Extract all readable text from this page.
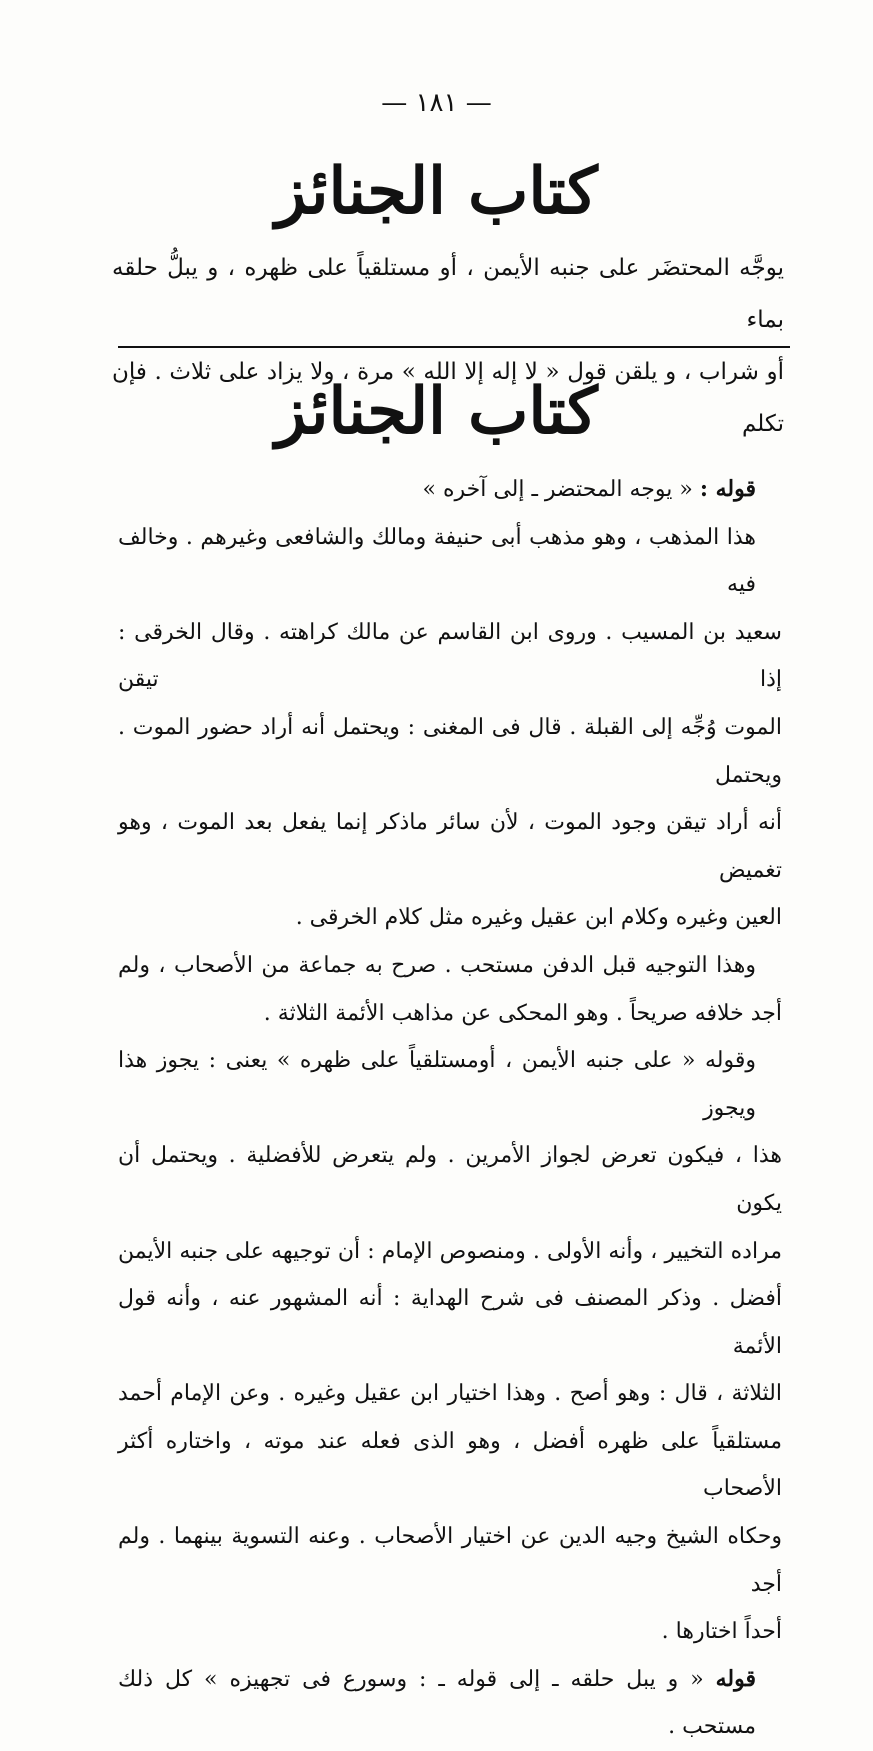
— ١٨١ —
كتاب الجنائز

يوجَّه المحتضَر على جنبه الأيمن ، أو مستلقياً على ظهره ، و يبلُّ حلقه بماء

أو شراب ، و يلقن قول « لا إله إلا الله » مرة ، ولا يزاد على ثلاث . فإن تكلم

كتاب الجنائز

قوله : « يوجه المحتضر ـ إلى آخره »

هذا المذهب ، وهو مذهب أبى حنيفة ومالك والشافعى وغيرهم . وخالف فيه

سعيد بن المسيب . وروى ابن القاسم عن مالك كراهته . وقال الخرقى : إذا تيقن

الموت وُجِّه إلى القبلة . قال فى المغنى : ويحتمل أنه أراد حضور الموت . ويحتمل

أنه أراد تيقن وجود الموت ، لأن سائر ماذكر إنما يفعل بعد الموت ، وهو تغميض

العين وغيره وكلام ابن عقيل وغيره مثل كلام الخرقى .

وهذا التوجيه قبل الدفن مستحب . صرح به جماعة من الأصحاب ، ولم

أجد خلافه صريحاً . وهو المحكى عن مذاهب الأئمة الثلاثة .

وقوله « على جنبه الأيمن ، أومستلقياً على ظهره » يعنى : يجوز هذا ويجوز

هذا ، فيكون تعرض لجواز الأمرين . ولم يتعرض للأفضلية . ويحتمل أن يكون

مراده التخيير ، وأنه الأولى . ومنصوص الإمام : أن توجيهه على جنبه الأيمن

أفضل . وذكر المصنف فى شرح الهداية : أنه المشهور عنه ، وأنه قول الأئمة

الثلاثة ، قال : وهو أصح . وهذا اختيار ابن عقيل وغيره . وعن الإمام أحمد

مستلقياً على ظهره أفضل ، وهو الذى فعله عند موته ، واختاره أكثر الأصحاب

وحكاه الشيخ وجيه الدين عن اختيار الأصحاب . وعنه التسوية بينهما . ولم أجد

أحداً اختارها .

قوله « و يبل حلقه ـ إلى قوله ـ : وسورع فى تجهيزه » كل ذلك مستحب .
